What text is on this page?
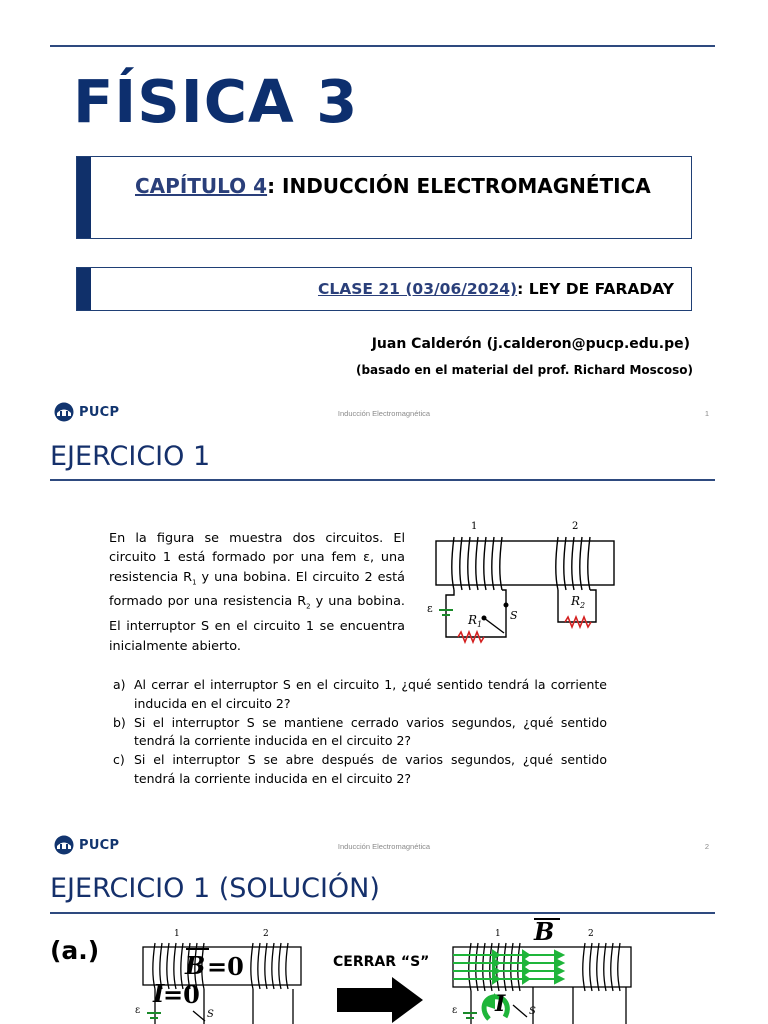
FÍSICA 3
CAPÍTULO 4: INDUCCIÓN ELECTROMAGNÉTICA
CLASE 21 (03/06/2024): LEY DE FARADAY
Juan Calderón (j.calderon@pucp.edu.pe)
(basado en el material del prof. Richard Moscoso)
PUCP	Inducción Electromagnética	1
EJERCICIO 1
En la figura se muestra dos circuitos. El circuito 1 está formado por una fem ε, una resistencia $R_1$ y una bobina. El circuito 2 está formado por una resistencia $R_2$ y una bobina. El interruptor S en el circuito 1 se encuentra inicialmente abierto.
1	2
ε
$R_1$
$R_2$
S
a) Al cerrar el interruptor S en el circuito 1, ¿qué sentido tendrá la corriente inducida en el circuito 2?
b) Si el interruptor S se mantiene cerrado varios segundos, ¿qué sentido tendrá la corriente inducida en el circuito 2?
c) Si el interruptor S se abre después de varios segundos, ¿qué sentido tendrá la corriente inducida en el circuito 2?
PUCP	Inducción Electromagnética	2
EJERCICIO 1 (SOLUCIÓN)
(a.)	CERRAR “S”
1	2
ε	S
B =0
I
=0
1	2
ε	S
B
I
